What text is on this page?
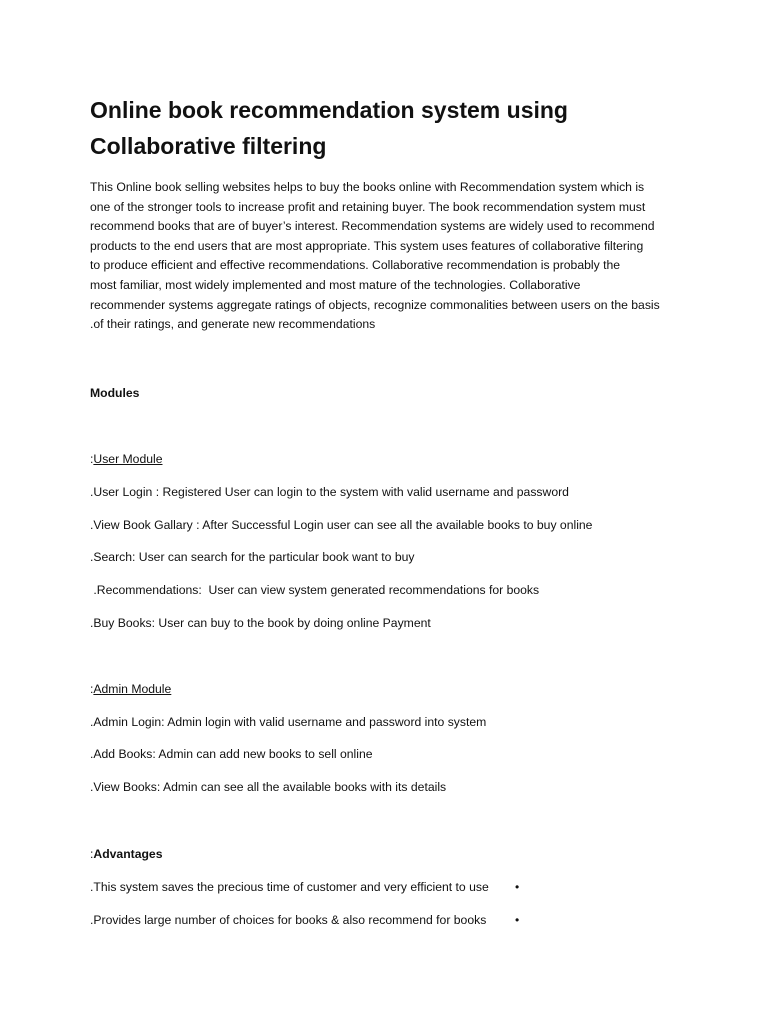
Online book recommendation system using
Collaborative filtering
This Online book selling websites helps to buy the books online with Recommendation system which is
one of the stronger tools to increase profit and retaining buyer. The book recommendation system must
recommend books that are of buyer’s interest. Recommendation systems are widely used to recommend
products to the end users that are most appropriate. This system uses features of collaborative filtering
to produce efficient and effective recommendations. Collaborative recommendation is probably the
most familiar, most widely implemented and most mature of the technologies. Collaborative
recommender systems aggregate ratings of objects, recognize commonalities between users on the basis
.of their ratings, and generate new recommendations
Modules
:User Module
.User Login : Registered User can login to the system with valid username and password
.View Book Gallary : After Successful Login user can see all the available books to buy online
.Search: User can search for the particular book want to buy
.Recommendations:  User can view system generated recommendations for books
.Buy Books: User can buy to the book by doing online Payment
:Admin Module
.Admin Login: Admin login with valid username and password into system
.Add Books: Admin can add new books to sell online
.View Books: Admin can see all the available books with its details
:Advantages
.This system saves the precious time of customer and very efficient to use •
.Provides large number of choices for books & also recommend for books •
